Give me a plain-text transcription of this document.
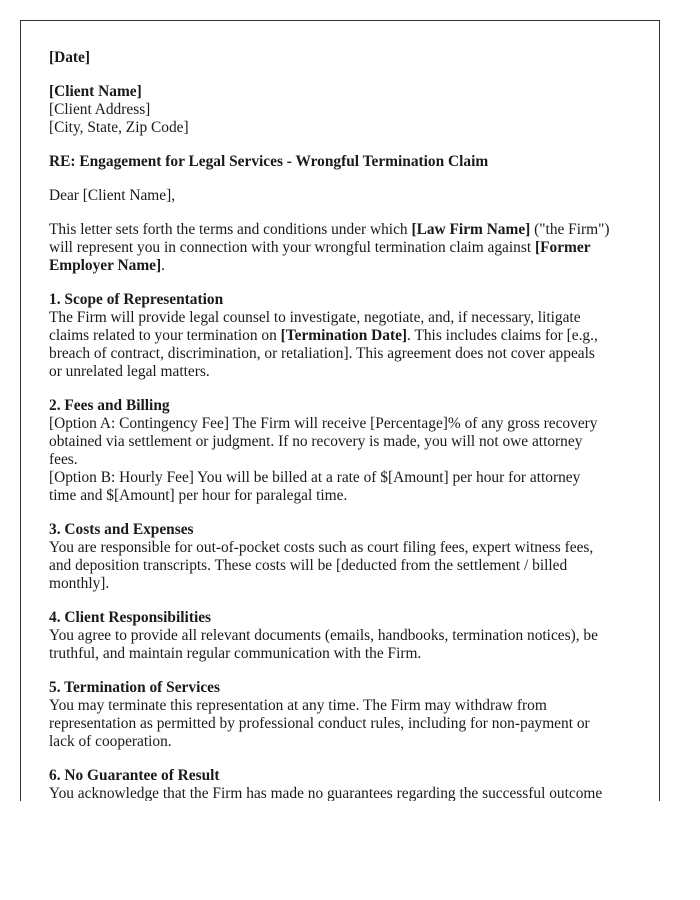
[Date]
[Client Name]
[Client Address]
[City, State, Zip Code]
RE: Engagement for Legal Services - Wrongful Termination Claim
Dear [Client Name],
This letter sets forth the terms and conditions under which [Law Firm Name] ("the Firm")
will represent you in connection with your wrongful termination claim against [Former
Employer Name].
1. Scope of Representation
The Firm will provide legal counsel to investigate, negotiate, and, if necessary, litigate
claims related to your termination on [Termination Date]. This includes claims for [e.g.,
breach of contract, discrimination, or retaliation]. This agreement does not cover appeals
or unrelated legal matters.
2. Fees and Billing
[Option A: Contingency Fee] The Firm will receive [Percentage]% of any gross recovery
obtained via settlement or judgment. If no recovery is made, you will not owe attorney
fees.
[Option B: Hourly Fee] You will be billed at a rate of $[Amount] per hour for attorney
time and $[Amount] per hour for paralegal time.
3. Costs and Expenses
You are responsible for out-of-pocket costs such as court filing fees, expert witness fees,
and deposition transcripts. These costs will be [deducted from the settlement / billed
monthly].
4. Client Responsibilities
You agree to provide all relevant documents (emails, handbooks, termination notices), be
truthful, and maintain regular communication with the Firm.
5. Termination of Services
You may terminate this representation at any time. The Firm may withdraw from
representation as permitted by professional conduct rules, including for non-payment or
lack of cooperation.
6. No Guarantee of Result
You acknowledge that the Firm has made no guarantees regarding the successful outcome
